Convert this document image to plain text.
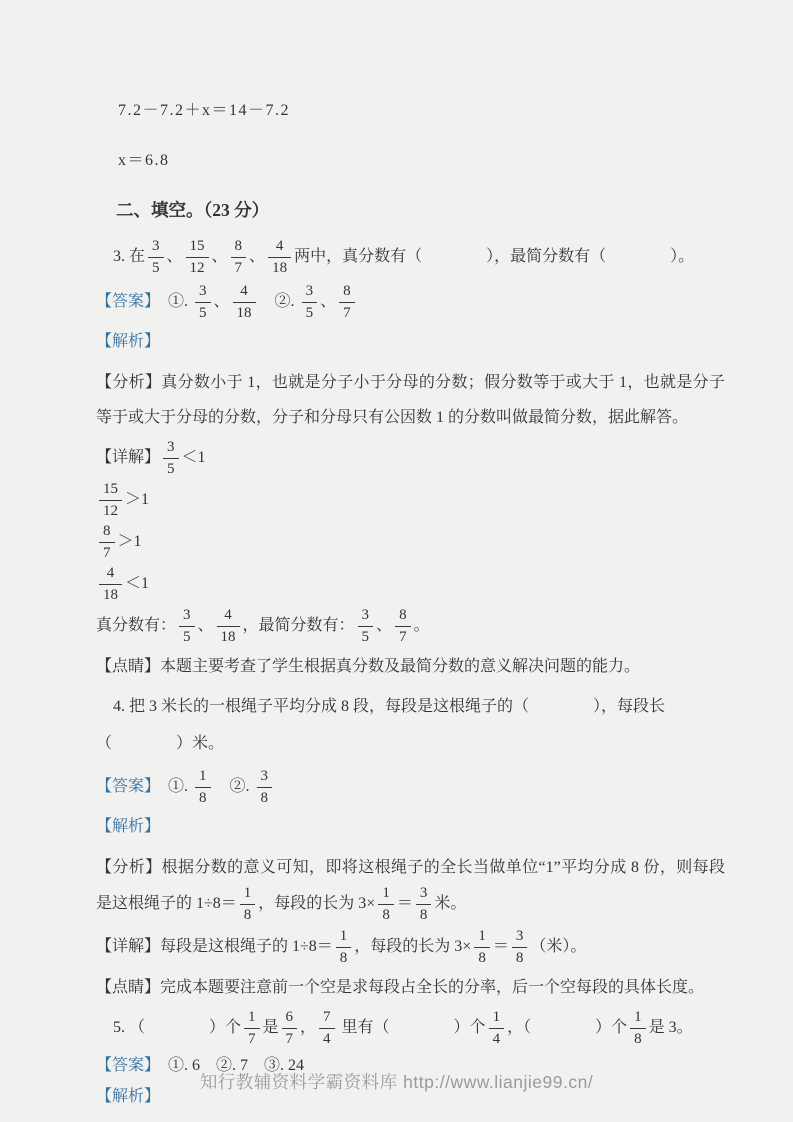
7.2－7.2＋x＝14－7.2
x＝6.8
二、填空。（23 分）
3. 在 $\frac{3}{5}$ 、 $\frac{15}{12}$ 、 $\frac{8}{7}$ 、 $\frac{4}{18}$ 两中，真分数有（　　　　），最简分数有（　　　　）。
【答案】　①. $\frac{3}{5}$ 、 $\frac{4}{18}$ 　②. $\frac{3}{5}$ 、 $\frac{8}{7}$
【解析】
【分析】真分数小于 1，也就是分子小于分母的分数；假分数等于或大于 1，也就是分子等于或大于分母的分数，分子和分母只有公因数 1 的分数叫做最简分数，据此解答。
【详解】 $\frac{3}{5} <1$
$\frac{15}{12} >1$
$\frac{8}{7} >1$
$\frac{4}{18} <1$
真分数有： $\frac{3}{5}$ 、 $\frac{4}{18}$ ，最简分数有： $\frac{3}{5}$ 、 $\frac{8}{7}$ 。
【点睛】本题主要考查了学生根据真分数及最简分数的意义解决问题的能力。
4. 把 3 米长的一根绳子平均分成 8 段，每段是这根绳子的（　　　　），每段长（　　　　）米。
【答案】　①. $\frac{1}{8}$ 　②. $\frac{3}{8}$
【解析】
【分析】根据分数的意义可知，即将这根绳子的全长当做单位“1”平均分成 8 份，则每段是这根绳子的 $1\div 8= \frac{1}{8}$ ，每段的长为 $3\times \frac{1}{8} = \frac{3}{8}$ 米。
【详解】每段是这根绳子的 $1\div 8= \frac{1}{8}$ ，每段的长为 $3\times \frac{1}{8} = \frac{3}{8}$ （米）。
【点睛】完成本题要注意前一个空是求每段占全长的分率，后一个空每段的具体长度。
5. （　　　　）个 $\frac{1}{7}$ 是 $\frac{6}{7}$ ， $\frac{7}{4}$ 里有（　　　　）个 $\frac{1}{4}$ ，（　　　　）个 $\frac{1}{8}$ 是 3。
【答案】　①. 6　②. 7　③. 24
【解析】
知行教辅资料学霸资料库 http://www.lianjie99.cn/
